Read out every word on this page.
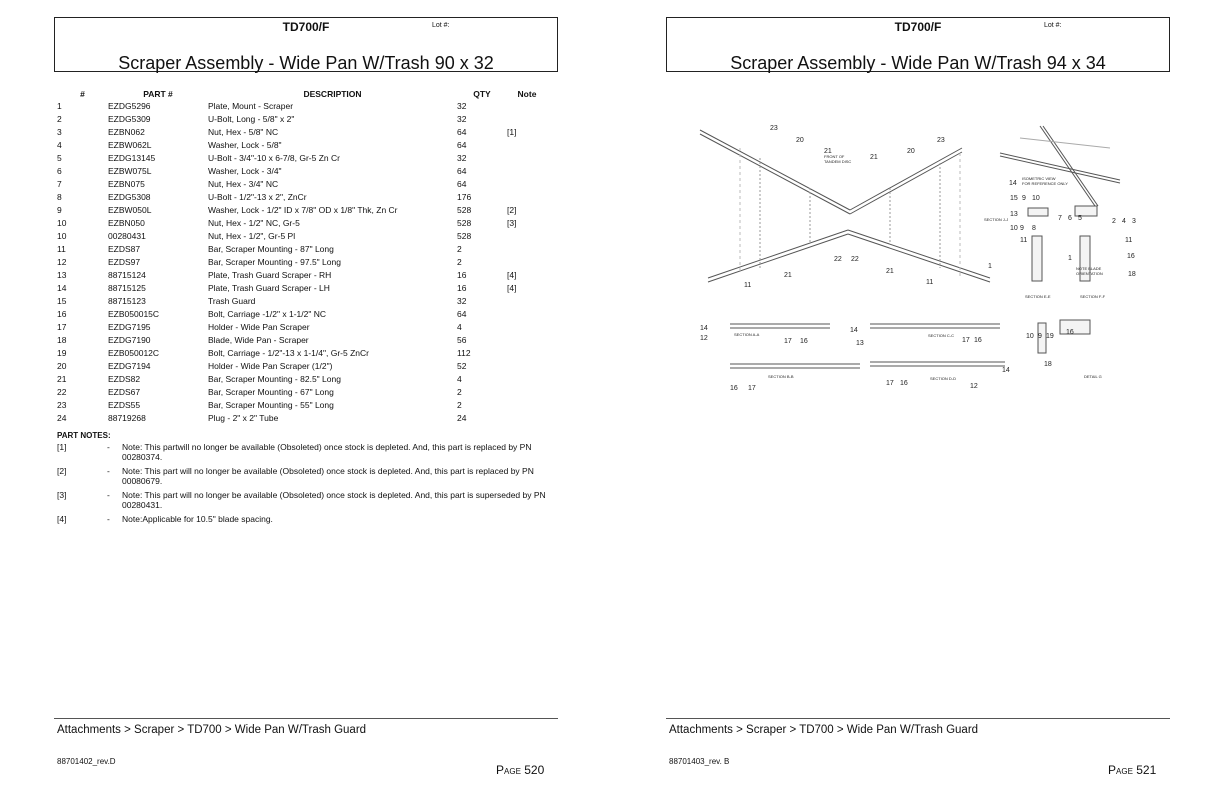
TD700/F	Lot #:
Scraper Assembly - Wide Pan W/Trash 90 x 32
#	PART #	DESCRIPTION	QTY	Note
1	EZDG5296	Plate, Mount - Scraper	32	
2	EZDG5309	U-Bolt, Long - 5/8" x 2"	32	
3	EZBN062	Nut, Hex - 5/8" NC	64	[1]
4	EZBW062L	Washer, Lock - 5/8"	64	
5	EZDG13145	U-Bolt - 3/4"-10 x 6-7/8, Gr-5 Zn Cr	32	
6	EZBW075L	Washer, Lock - 3/4"	64	
7	EZBN075	Nut, Hex - 3/4" NC	64	
8	EZDG5308	U-Bolt - 1/2"-13 x 2", ZnCr	176	
9	EZBW050L	Washer, Lock - 1/2" ID x 7/8" OD x 1/8" Thk, Zn Cr	528	[2]
10	EZBN050	Nut, Hex - 1/2" NC, Gr-5	528	[3]
10	00280431	Nut, Hex - 1/2", Gr-5 Pl	528	
11	EZDS87	Bar, Scraper Mounting - 87" Long	2	
12	EZDS97	Bar, Scraper Mounting - 97.5" Long	2	
13	88715124	Plate, Trash Guard Scraper - RH	16	[4]
14	88715125	Plate, Trash Guard Scraper - LH	16	[4]
15	88715123	Trash Guard	32	
16	EZB050015C	Bolt, Carriage -1/2" x 1-1/2" NC	64	
17	EZDG7195	Holder - Wide Pan Scraper	4	
18	EZDG7190	Blade, Wide Pan - Scraper	56	
19	EZB050012C	Bolt, Carriage - 1/2"-13 x 1-1/4", Gr-5 ZnCr	112	
20	EZDG7194	Holder - Wide Pan Scraper (1/2")	52	
21	EZDS82	Bar, Scraper Mounting - 82.5" Long	4	
22	EZDS67	Bar, Scraper Mounting - 67" Long	2	
23	EZDS55	Bar, Scraper Mounting - 55" Long	2	
24	88719268	Plug - 2" x 2" Tube	24	
PART NOTES:
[1]	-	Note: This partwill no longer be available (Obsoleted) once stock is depleted. And, this part is replaced by PN 00280374.
[2]	-	Note: This part will no longer be available (Obsoleted) once stock is depleted. And, this part is replaced by PN 00080679.
[3]	-	Note: This part will no longer be available (Obsoleted) once stock is depleted. And, this part is superseded by PN 00280431.
[4]	-	Note:Applicable for 10.5" blade spacing.
Attachments > Scraper > TD700 > Wide Pan W/Trash Guard
88701402_rev.D
Page 520
TD700/F	Lot #:
Scraper Assembly - Wide Pan W/Trash 94 x 34
23
20
21
21
20
23
14
15 9 10
13
7 6 5	2 4 3
10 9 8
11	11
16
1
18
22 22
21
21
11	11
1
14
12	17 16
14
13	17 16
10 9 19
16
18
16 17
17 16
14
12
ISOMETRIC VIEW
FOR REFERENCE ONLY
FRONT OF
TANDEM DISC
SECTION J-J
NOTE BLADE
ORIENTATION
SECTION E-E	SECTION F-F
SECTION A-A	SECTION C-C
SECTION B-B	SECTION D-D	DETAIL G
Attachments > Scraper > TD700 > Wide Pan W/Trash Guard
88701403_rev. B
Page 521
